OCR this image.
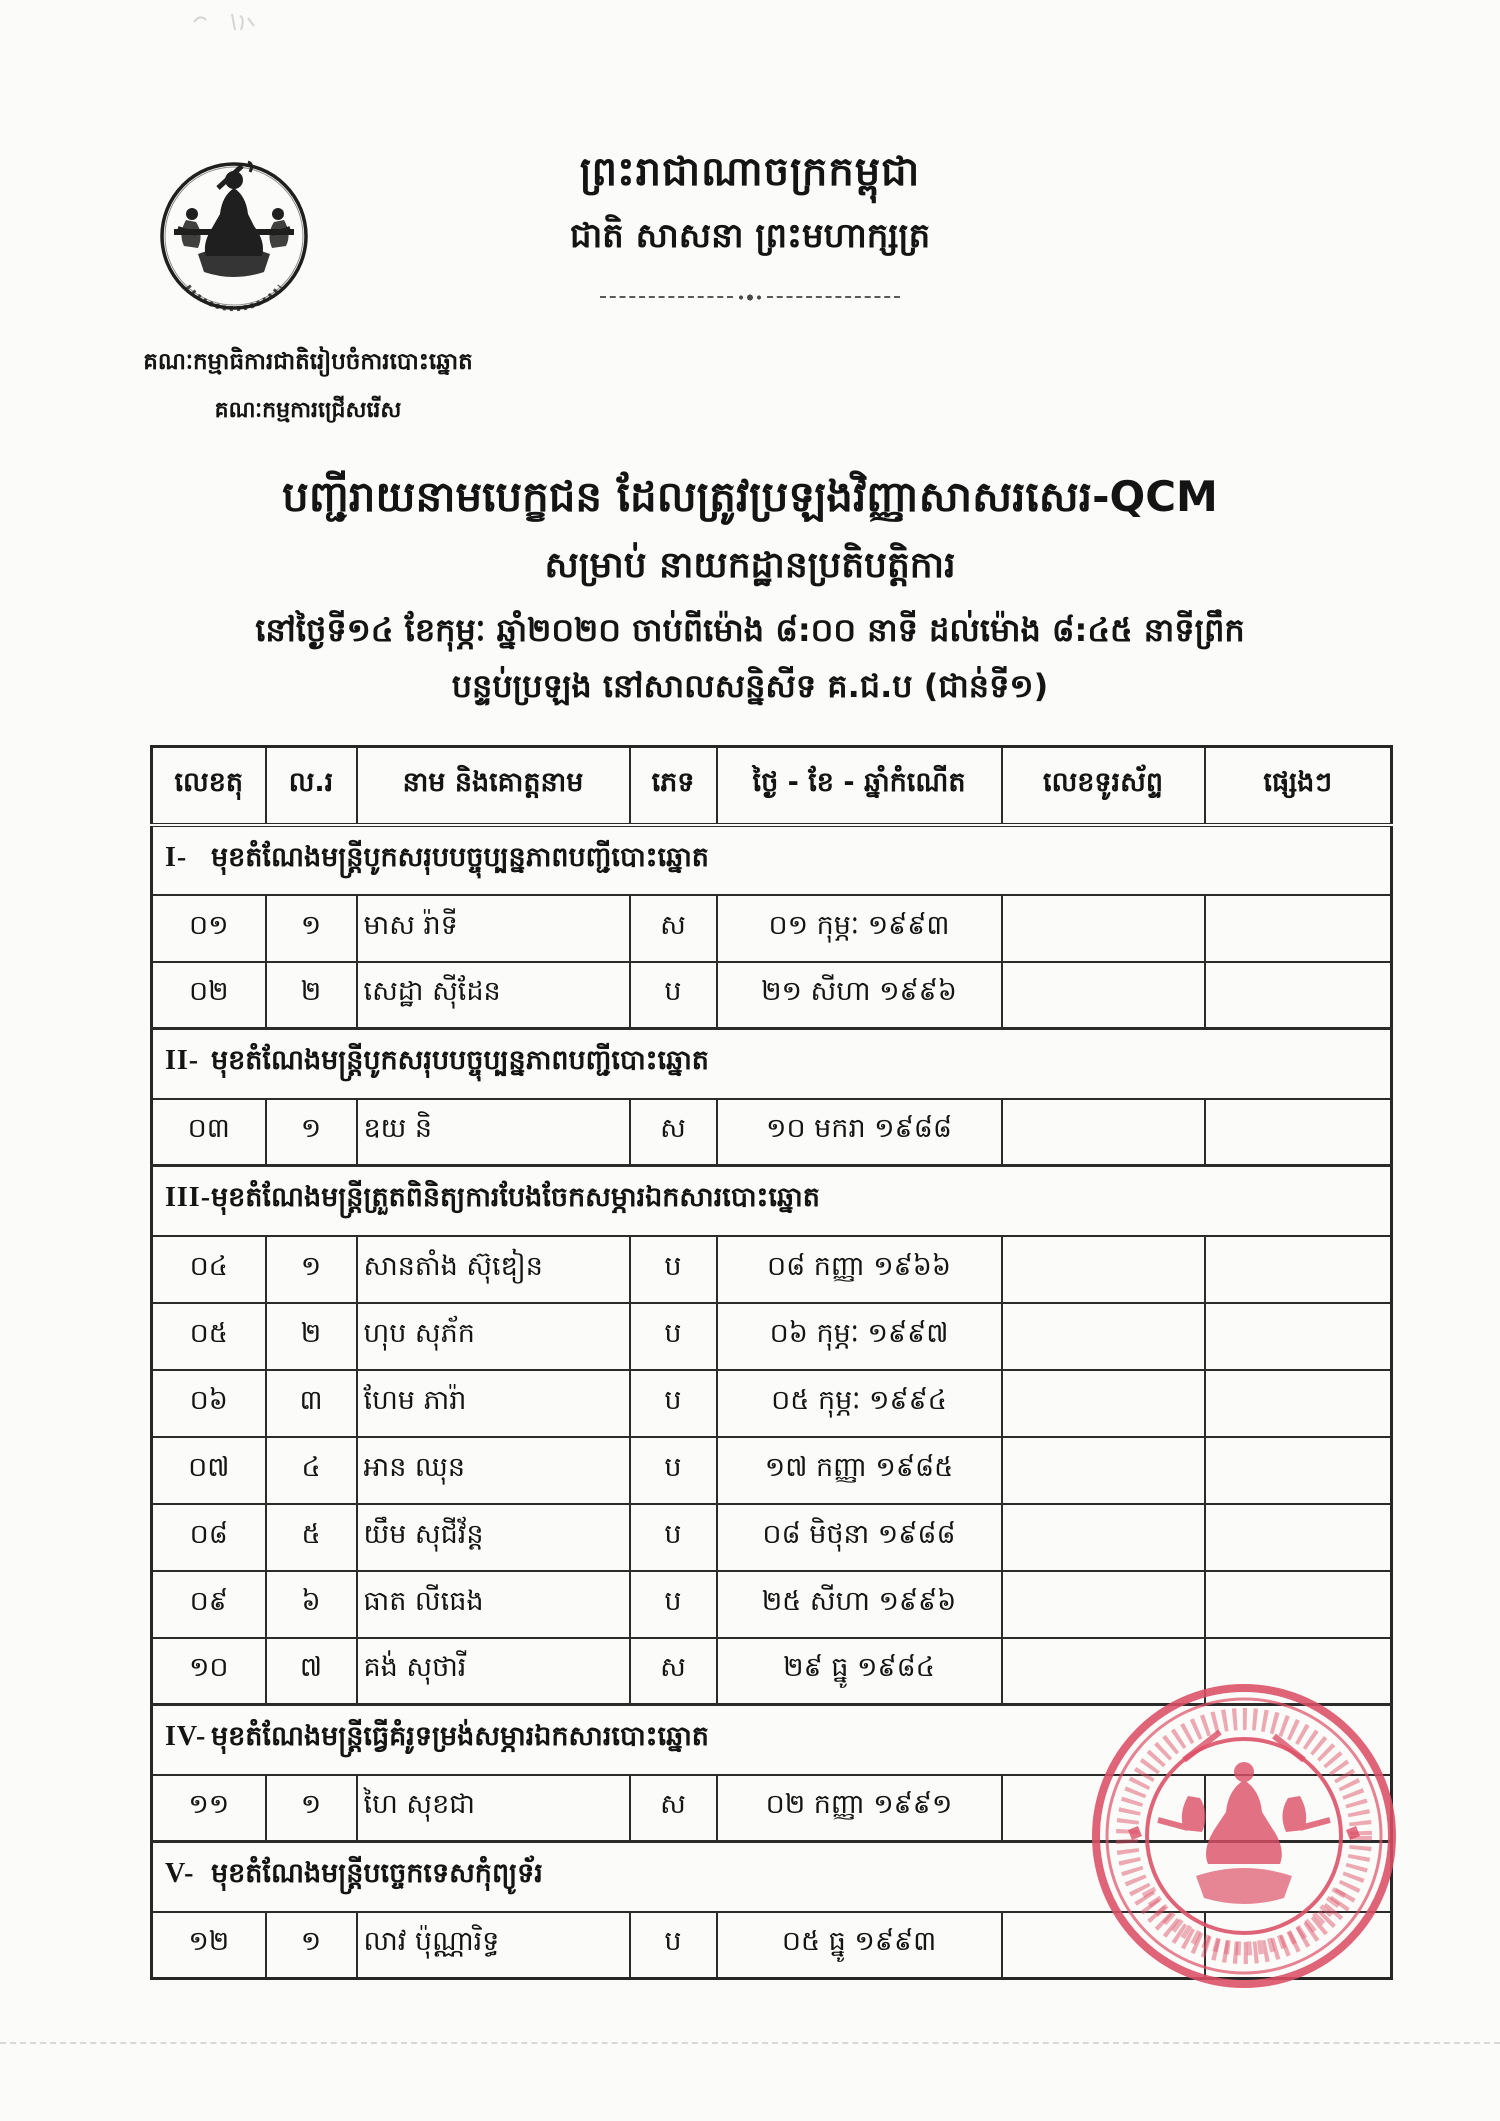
ព្រះរាជាណាចក្រកម្ពុជា
ជាតិ សាសនា ព្រះមហាក្សត្រ
គណៈកម្មាធិការជាតិរៀបចំការបោះឆ្នោត
គណៈកម្មការជ្រើសរើស
បញ្ជីរាយនាមបេក្ខជន ដែលត្រូវប្រឡងវិញ្ញាសាសរសេរ-QCM
សម្រាប់ នាយកដ្ឋានប្រតិបត្តិការ
នៅថ្ងៃទី១៤ ខែកុម្ភៈ ឆ្នាំ២០២០ ចាប់ពីម៉ោង ៨:០០ នាទី ដល់ម៉ោង ៨:៤៥ នាទីព្រឹក
បន្ទប់ប្រឡង នៅសាលសន្និសីទ គ.ជ.ប (ជាន់ទី១)
លេខតុ	ល.រ	នាម និងគោត្តនាម	ភេទ	ថ្ងៃ - ខែ - ឆ្នាំកំណើត	លេខទូរស័ព្ទ	ផ្សេងៗ
I- មុខតំណែងមន្ត្រីបូកសរុបបច្ចុប្បន្នភាពបញ្ជីបោះឆ្នោត						
០១	១	មាស រ៉ាទី	ស	០១ កុម្ភៈ ១៩៩៣		
០២	២	សេដ្ឋា ស៊ីដែន	ប	២១ សីហា ១៩៩៦		
II- មុខតំណែងមន្ត្រីបូកសរុបបច្ចុប្បន្នភាពបញ្ជីបោះឆ្នោត						
០៣	១	ឧយ និ	ស	១០ មករា ១៩៨៨		
III-មុខតំណែងមន្ត្រីត្រួតពិនិត្យការបែងចែកសម្ភារឯកសារបោះឆ្នោត						
០៤	១	សានតាំង ស៊ុឌៀន	ប	០៨ កញ្ញា ១៩៦៦		
០៥	២	ហុប សុភ័ក	ប	០៦ កុម្ភៈ ១៩៩៧		
០៦	៣	ហែម ភារ៉ា	ប	០៥ កុម្ភៈ ១៩៩៤		
០៧	៤	អាន ឈុន	ប	១៧ កញ្ញា ១៩៨៥		
០៨	៥	យឹម សុជីវ័ន្ត	ប	០៨ មិថុនា ១៩៨៨		
០៩	៦	ធាត លីធេង	ប	២៥ សីហា ១៩៩៦		
១០	៧	គង់ សុថារី	ស	២៩ ធ្នូ ១៩៨៤		
IV- មុខតំណែងមន្ត្រីធ្វើគំរូទម្រង់សម្ភារឯកសារបោះឆ្នោត						
១១	១	ហៃ សុខជា	ស	០២ កញ្ញា ១៩៩១		
V- មុខតំណែងមន្ត្រីបច្ចេកទេសកុំព្យូទ័រ						
១២	១	លាវ ប៉ុណ្ណារិទ្ធ	ប	០៥ ធ្នូ ១៩៩៣		
